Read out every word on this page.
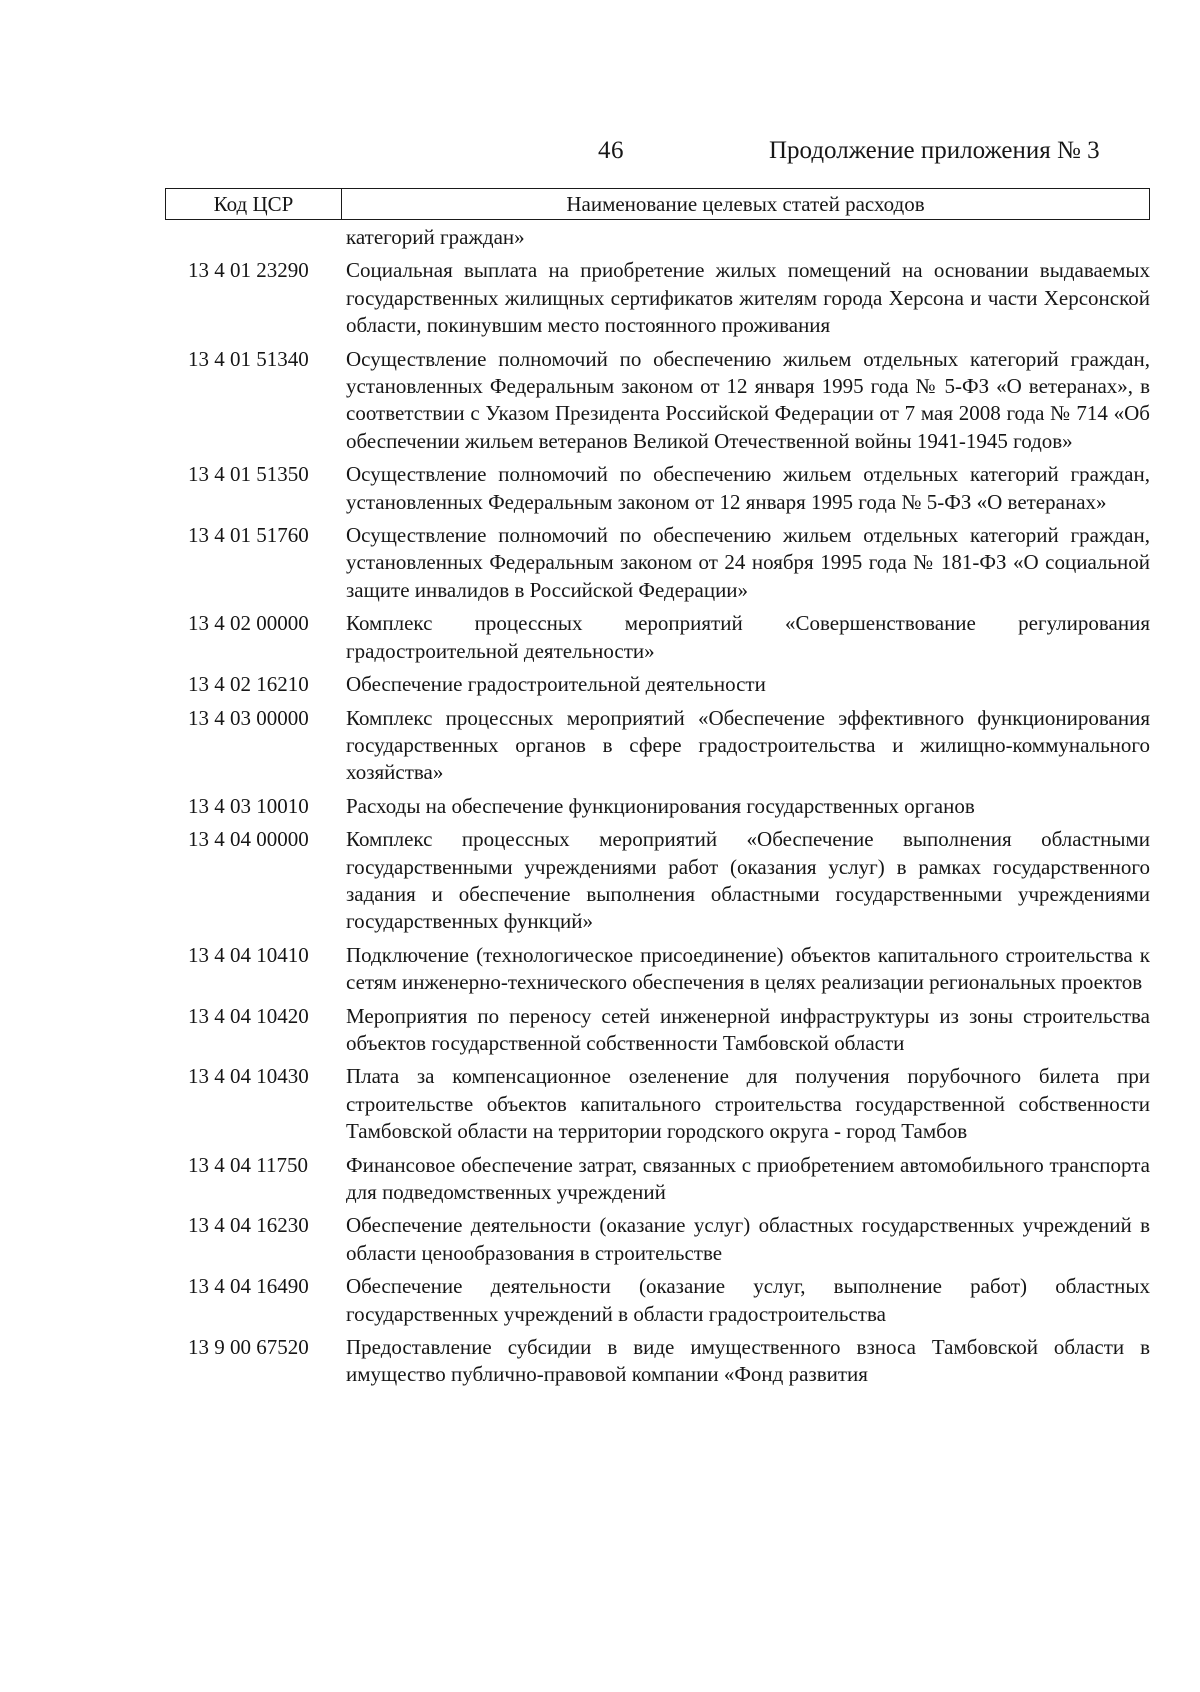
46	Продолжение приложения № 3
Код ЦСР	Наименование целевых статей расходов
категорий граждан»
13 4 01 23290	Социальная выплата на приобретение жилых помещений на основании выдаваемых государственных жилищных сертификатов жителям города Херсона и части Херсонской области, покинувшим место постоянного проживания
13 4 01 51340	Осуществление полномочий по обеспечению жильем отдельных категорий граждан, установленных Федеральным законом от 12 января 1995 года № 5-ФЗ «О ветеранах», в соответствии с Указом Президента Российской Федерации от 7 мая 2008 года № 714 «Об обеспечении жильем ветеранов Великой Отечественной войны 1941-1945 годов»
13 4 01 51350	Осуществление полномочий по обеспечению жильем отдельных категорий граждан, установленных Федеральным законом от 12 января 1995 года № 5-ФЗ «О ветеранах»
13 4 01 51760	Осуществление полномочий по обеспечению жильем отдельных категорий граждан, установленных Федеральным законом от 24 ноября 1995 года № 181-ФЗ «О социальной защите инвалидов в Российской Федерации»
13 4 02 00000	Комплекс процессных мероприятий «Совершенствование регулирования градостроительной деятельности»
13 4 02 16210	Обеспечение градостроительной деятельности
13 4 03 00000	Комплекс процессных мероприятий «Обеспечение эффективного функционирования государственных органов в сфере градостроительства и жилищно-коммунального хозяйства»
13 4 03 10010	Расходы на обеспечение функционирования государственных органов
13 4 04 00000	Комплекс процессных мероприятий «Обеспечение выполнения областными государственными учреждениями работ (оказания услуг) в рамках государственного задания и обеспечение выполнения областными государственными учреждениями государственных функций»
13 4 04 10410	Подключение (технологическое присоединение) объектов капитального строительства к сетям инженерно-технического обеспечения в целях реализации региональных проектов
13 4 04 10420	Мероприятия по переносу сетей инженерной инфраструктуры из зоны строительства объектов государственной собственности Тамбовской области
13 4 04 10430	Плата за компенсационное озеленение для получения порубочного билета при строительстве объектов капитального строительства государственной собственности Тамбовской области на территории городского округа - город Тамбов
13 4 04 11750	Финансовое обеспечение затрат, связанных с приобретением автомобильного транспорта для подведомственных учреждений
13 4 04 16230	Обеспечение деятельности (оказание услуг) областных государственных учреждений в области ценообразования в строительстве
13 4 04 16490	Обеспечение деятельности (оказание услуг, выполнение работ) областных государственных учреждений в области градостроительства
13 9 00 67520	Предоставление субсидии в виде имущественного взноса Тамбовской области в имущество публично-правовой компании «Фонд развития
